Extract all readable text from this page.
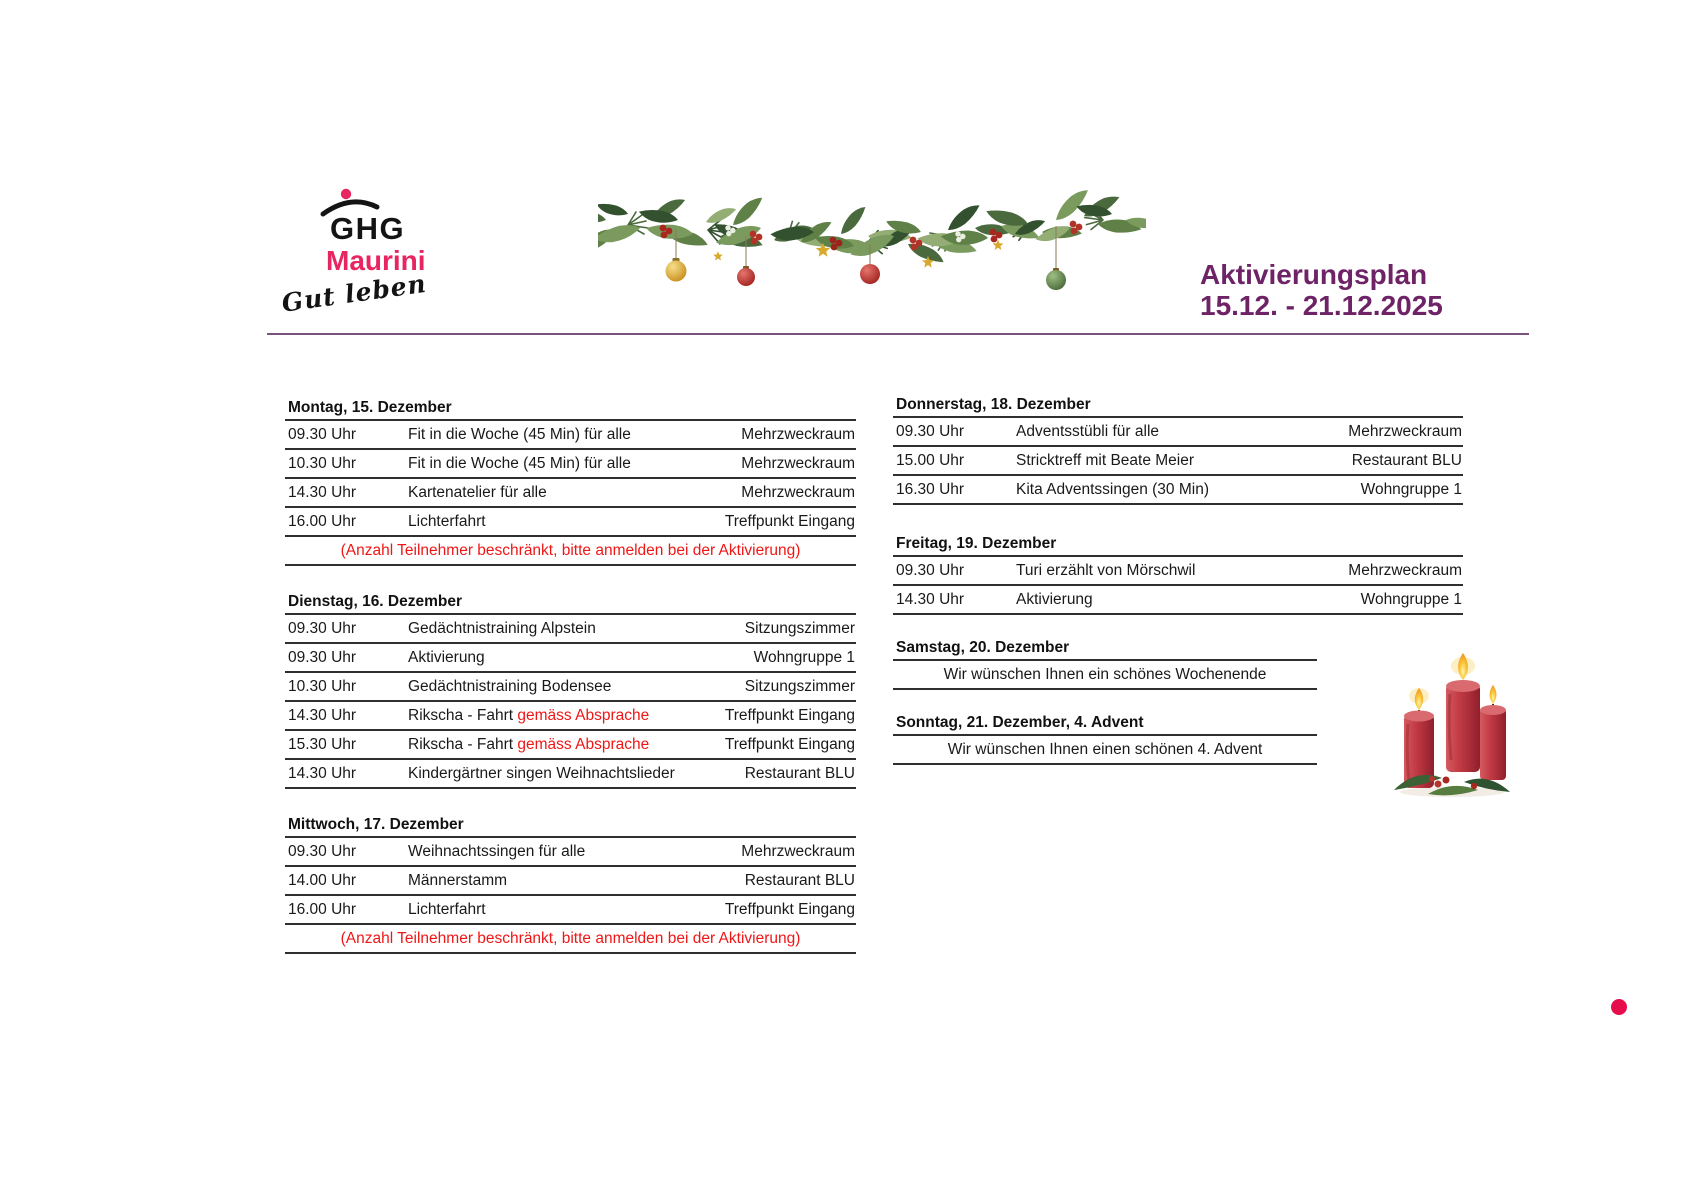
GHG
Maurini
Gut leben	Aktivierungsplan
15.12. - 21.12.2025
Montag, 15. Dezember
09.30 Uhr	Fit in die Woche (45 Min) für alle	Mehrzweckraum
10.30 Uhr	Fit in die Woche (45 Min) für alle	Mehrzweckraum
14.30 Uhr	Kartenatelier für alle	Mehrzweckraum
16.00 Uhr	Lichterfahrt	Treffpunkt Eingang
(Anzahl Teilnehmer beschränkt, bitte anmelden bei der Aktivierung)
Dienstag, 16. Dezember
09.30 Uhr	Gedächtnistraining Alpstein	Sitzungszimmer
09.30 Uhr	Aktivierung	Wohngruppe 1
10.30 Uhr	Gedächtnistraining Bodensee	Sitzungszimmer
14.30 Uhr	Rikscha - Fahrt gemäss Absprache	Treffpunkt Eingang
15.30 Uhr	Rikscha - Fahrt gemäss Absprache	Treffpunkt Eingang
14.30 Uhr	Kindergärtner singen Weihnachtslieder	Restaurant BLU
Mittwoch, 17. Dezember
09.30 Uhr	Weihnachtssingen für alle	Mehrzweckraum
14.00 Uhr	Männerstamm	Restaurant BLU
16.00 Uhr	Lichterfahrt	Treffpunkt Eingang
(Anzahl Teilnehmer beschränkt, bitte anmelden bei der Aktivierung)
Donnerstag, 18. Dezember
09.30 Uhr	Adventsstübli für alle	Mehrzweckraum
15.00 Uhr	Stricktreff mit Beate Meier	Restaurant BLU
16.30 Uhr	Kita Adventssingen (30 Min)	Wohngruppe 1
Freitag, 19. Dezember
09.30 Uhr	Turi erzählt von Mörschwil	Mehrzweckraum
14.30 Uhr	Aktivierung	Wohngruppe 1
Samstag, 20. Dezember
Wir wünschen Ihnen ein schönes Wochenende
Sonntag, 21. Dezember, 4. Advent
Wir wünschen Ihnen einen schönen 4. Advent
